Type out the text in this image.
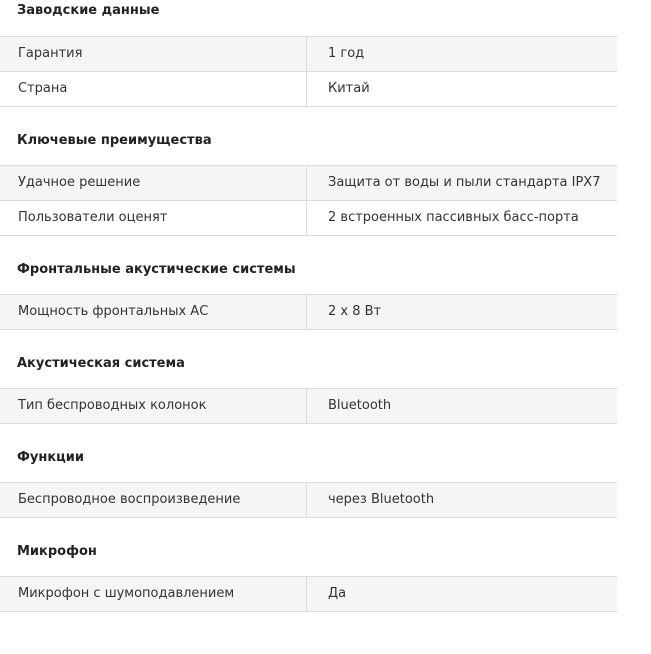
Заводские данные
Гарантия	1 год
Страна	Китай
Ключевые преимущества
Удачное решение	Защита от воды и пыли стандарта IPX7
Пользователи оценят	2 встроенных пассивных басс-порта
Фронтальные акустические системы
Мощность фронтальных АС	2 х 8 Вт
Акустическая система
Тип беспроводных колонок	Bluetooth
Функции
Беспроводное воспроизведение	через Bluetooth
Микрофон
Микрофон с шумоподавлением	Да
